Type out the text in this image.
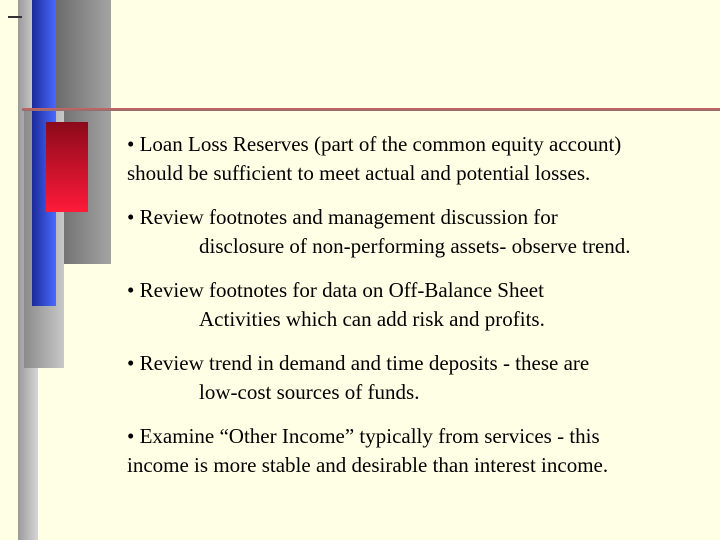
• Loan Loss Reserves (part of the common equity account)
should be sufficient to meet actual and potential losses.
• Review footnotes and management discussion for
disclosure of non-performing assets- observe trend.
• Review footnotes for data on Off-Balance Sheet
Activities which can add risk and profits.
• Review trend in demand and time deposits - these are
low-cost sources of funds.
• Examine “Other Income” typically from services - this
income is more stable and desirable than interest income.
